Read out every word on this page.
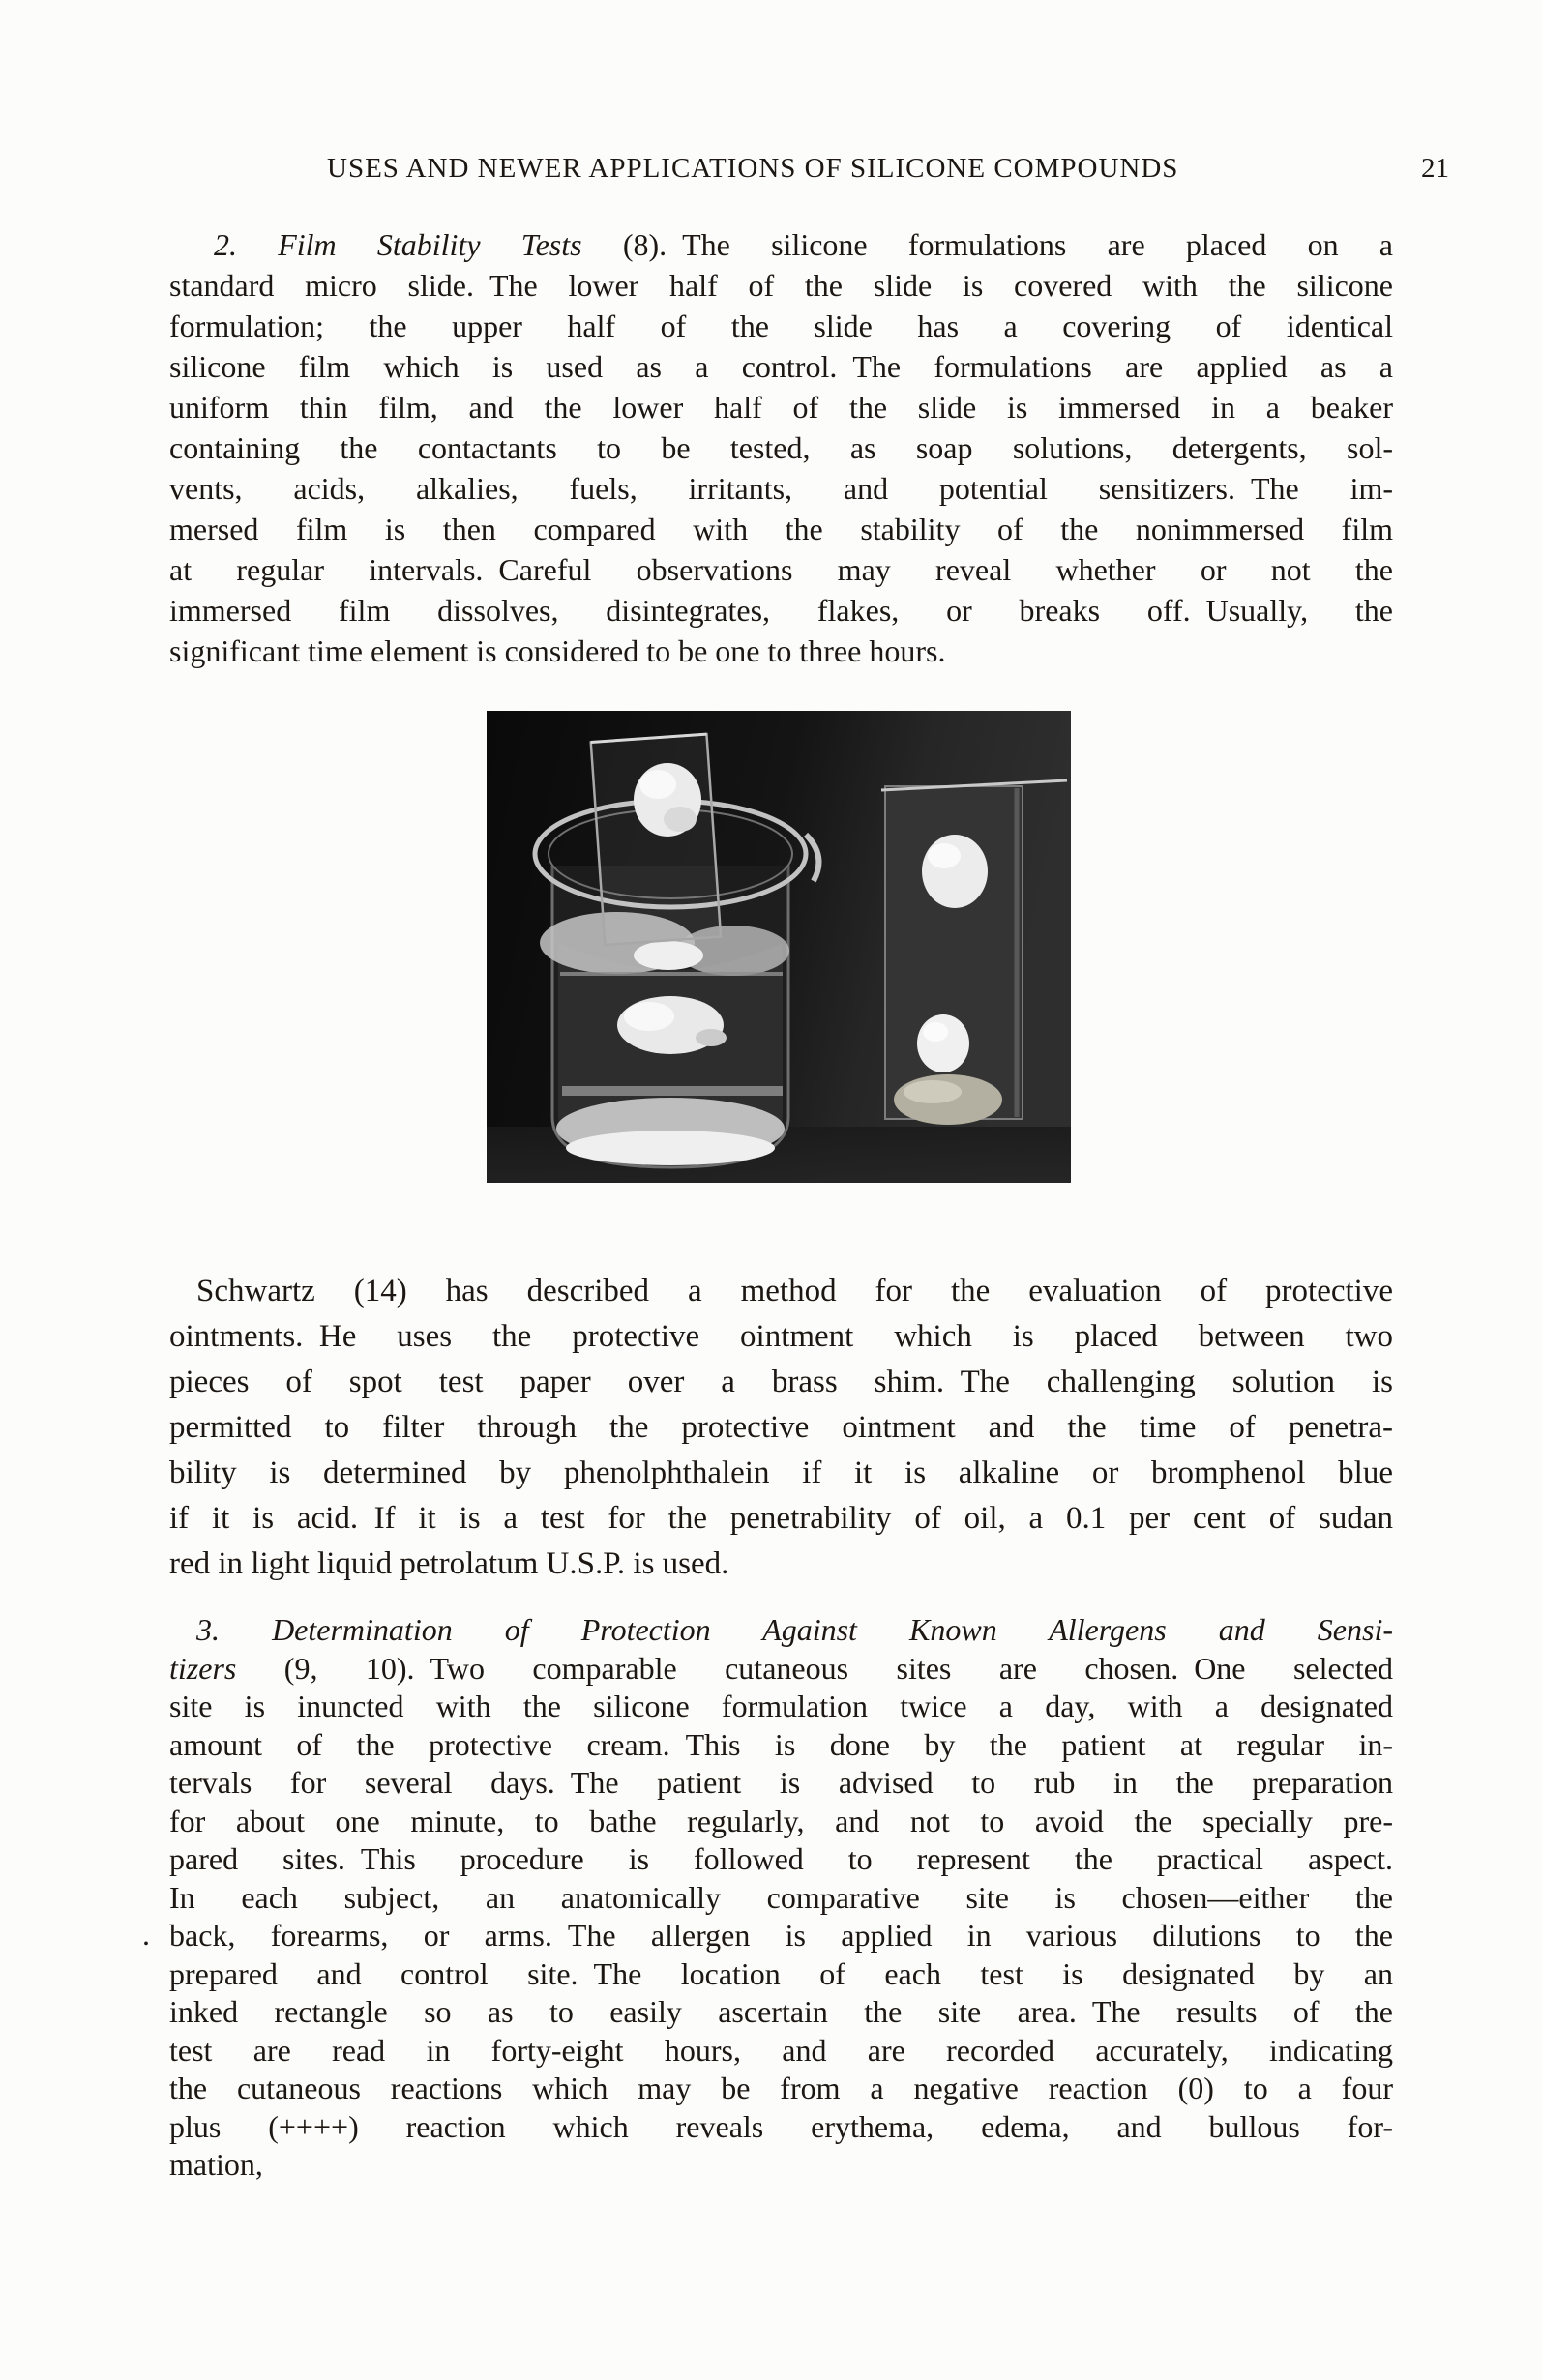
USES AND NEWER APPLICATIONS OF SILICONE COMPOUNDS	21
2. Film Stability Tests (8). The silicone formulations are placed on a
standard micro slide. The lower half of the slide is covered with the silicone
formulation; the upper half of the slide has a covering of identical
silicone film which is used as a control. The formulations are applied as a
uniform thin film, and the lower half of the slide is immersed in a beaker
containing the contactants to be tested, as soap solutions, detergents, sol-
vents, acids, alkalies, fuels, irritants, and potential sensitizers. The im-
mersed film is then compared with the stability of the nonimmersed film
at regular intervals. Careful observations may reveal whether or not the
immersed film dissolves, disintegrates, flakes, or breaks off. Usually, the
significant time element is considered to be one to three hours.
Schwartz (14) has described a method for the evaluation of protective
ointments. He uses the protective ointment which is placed between two
pieces of spot test paper over a brass shim. The challenging solution is
permitted to filter through the protective ointment and the time of penetra-
bility is determined by phenolphthalein if it is alkaline or bromphenol blue
if it is acid. If it is a test for the penetrability of oil, a 0.1 per cent of sudan
red in light liquid petrolatum U.S.P. is used.
3. Determination of Protection Against Known Allergens and Sensi-
tizers (9, 10). Two comparable cutaneous sites are chosen. One selected
site is inuncted with the silicone formulation twice a day, with a designated
amount of the protective cream. This is done by the patient at regular in-
tervals for several days. The patient is advised to rub in the preparation
for about one minute, to bathe regularly, and not to avoid the specially pre-
pared sites. This procedure is followed to represent the practical aspect.
In each subject, an anatomically comparative site is chosen—either the
back, forearms, or arms. The allergen is applied in various dilutions to the
prepared and control site. The location of each test is designated by an
inked rectangle so as to easily ascertain the site area. The results of the
test are read in forty-eight hours, and are recorded accurately, indicating
the cutaneous reactions which may be from a negative reaction (0) to a four
plus (++++) reaction which reveals erythema, edema, and bullous for-
mation,
.
